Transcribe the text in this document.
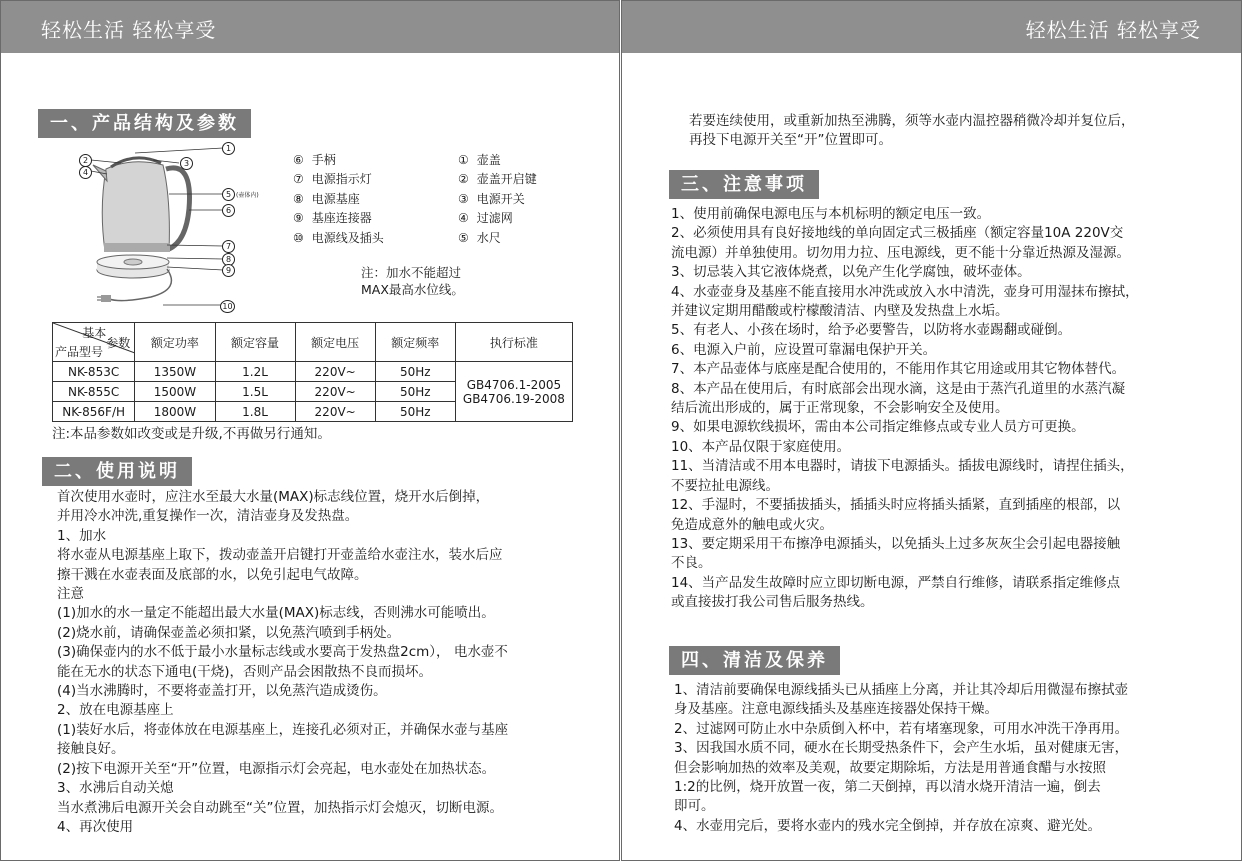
轻松生活 轻松享受
一、产品结构及参数
1
2	3
4
5 (壶体内)
6
7
8
9
10
⑥ 手柄
⑦ 电源指示灯
⑧ 电源基座
⑨ 基座连接器
⑩ 电源线及插头
① 壶盖
② 壶盖开启键
③ 电源开关
④ 过滤网
⑤ 水尺
注：加水不能超过
MAX最高水位线。
基本
参数
产品型号	额定功率	额定容量	额定电压	额定频率	执行标准
NK-853C	1350W	1.2L	220V~	50Hz	GB4706.1-2005
GB4706.19-2008

NK-855C	1500W	1.5L	220V~	50Hz	
NK-856F/H	1800W	1.8L	220V~	50Hz	
注:本品参数如改变或是升级,不再做另行通知。
二、使用说明
首次使用水壶时，应注水至最大水量(MAX)标志线位置，烧开水后倒掉，
并用冷水冲洗,重复操作一次，清洁壶身及发热盘。
1、加水
将水壶从电源基座上取下，拨动壶盖开启键打开壶盖给水壶注水，装水后应
擦干溅在水壶表面及底部的水，以免引起电气故障。
注意
(1)加水的水一量定不能超出最大水量(MAX)标志线，否则沸水可能喷出。
(2)烧水前，请确保壶盖必须扣紧，以免蒸汽喷到手柄处。
(3)确保壶内的水不低于最小水量标志线或水要高于发热盘2cm）， 电水壶不
能在无水的状态下通电(干烧)，否则产品会困散热不良而损坏。
(4)当水沸腾时，不要将壶盖打开，以免蒸汽造成烫伤。
2、放在电源基座上
(1)装好水后，将壶体放在电源基座上，连接孔必须对正，并确保水壶与基座
接触良好。
(2)按下电源开关至“开”位置，电源指示灯会亮起，电水壶处在加热状态。
3、水沸后自动关熄
当水煮沸后电源开关会自动跳至“关”位置，加热指示灯会熄灭，切断电源。
4、再次使用
轻松生活 轻松享受
若要连续使用，或重新加热至沸腾，须等水壶内温控器稍微冷却并复位后，
再投下电源开关至“开”位置即可。
三、注意事项
1、使用前确保电源电压与本机标明的额定电压一致。
2、必须使用具有良好接地线的单向固定式三极插座（额定容量10A 220V交
流电源）并单独使用。切勿用力拉、压电源线，更不能十分靠近热源及湿源。
3、切忌装入其它液体烧煮，以免产生化学腐蚀，破坏壶体。
4、水壶壶身及基座不能直接用水冲洗或放入水中清洗，壶身可用湿抹布擦拭，
并建议定期用醋酸或柠檬酸清洁、内壁及发热盘上水垢。
5、有老人、小孩在场时，给予必要警告，以防将水壶踢翻或碰倒。
6、电源入户前，应设置可靠漏电保护开关。
7、本产品壶体与底座是配合使用的，不能用作其它用途或用其它物体替代。
8、本产品在使用后，有时底部会出现水滴，这是由于蒸汽孔道里的水蒸汽凝
结后流出形成的，属于正常现象，不会影响安全及使用。
9、如果电源软线损坏，需由本公司指定维修点或专业人员方可更换。
10、本产品仅限于家庭使用。
11、当清洁或不用本电器时，请拔下电源插头。插拔电源线时，请捏住插头，
不要拉扯电源线。
12、手湿时，不要插拔插头，插插头时应将插头插紧，直到插座的根部，以
免造成意外的触电或火灾。
13、要定期采用干布擦净电源插头，以免插头上过多灰灰尘会引起电器接触
不良。
14、当产品发生故障时应立即切断电源，严禁自行维修，请联系指定维修点
或直接拔打我公司售后服务热线。
四、清洁及保养
1、清洁前要确保电源线插头已从插座上分离，并让其冷却后用微湿布擦拭壶
身及基座。注意电源线插头及基座连接器处保持干燥。
2、过滤网可防止水中杂质倒入杯中，若有堵塞现象，可用水冲洗干净再用。
3、因我国水质不同，硬水在长期受热条件下，会产生水垢，虽对健康无害，
但会影响加热的效率及美观，故要定期除垢，方法是用普通食醋与水按照
1:2的比例，烧开放置一夜，第二天倒掉，再以清水烧开清洁一遍，倒去
即可。
4、水壶用完后，要将水壶内的残水完全倒掉，并存放在凉爽、避光处。
